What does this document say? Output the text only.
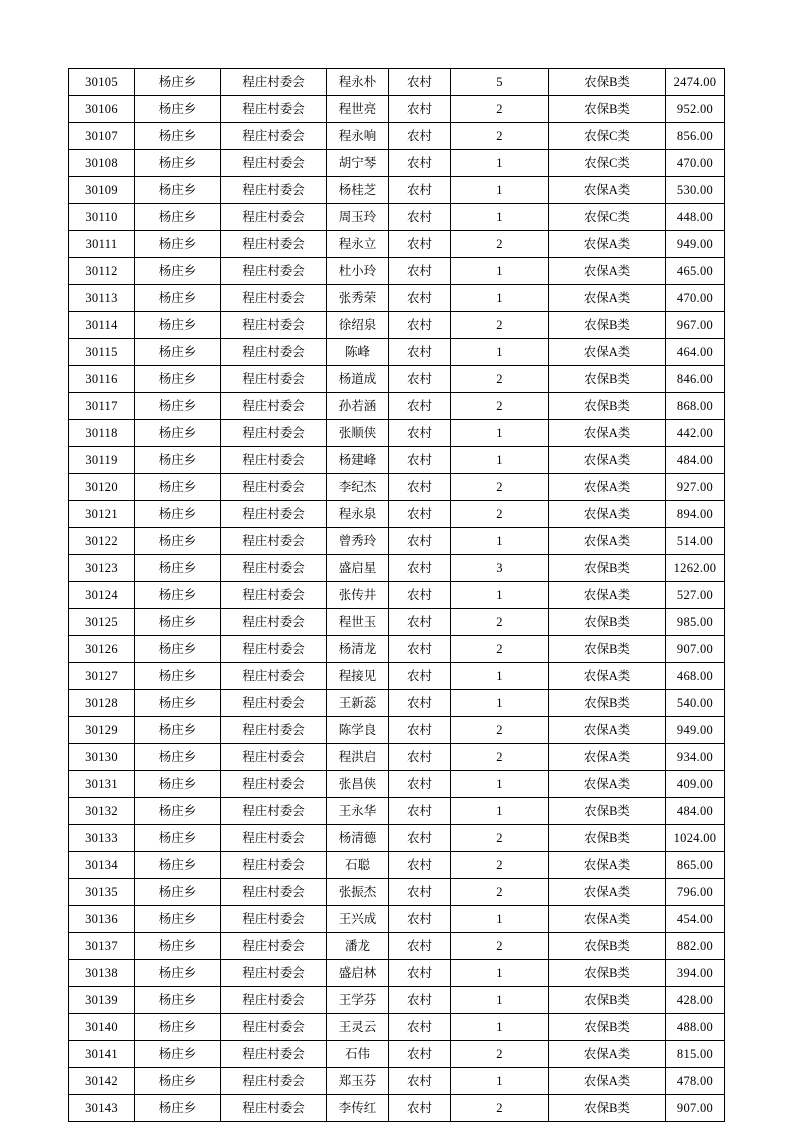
30105	杨庄乡	程庄村委会	程永朴	农村	5	农保B类	2474.00
30106	杨庄乡	程庄村委会	程世亮	农村	2	农保B类	952.00
30107	杨庄乡	程庄村委会	程永响	农村	2	农保C类	856.00
30108	杨庄乡	程庄村委会	胡宁琴	农村	1	农保C类	470.00
30109	杨庄乡	程庄村委会	杨桂芝	农村	1	农保A类	530.00
30110	杨庄乡	程庄村委会	周玉玲	农村	1	农保C类	448.00
30111	杨庄乡	程庄村委会	程永立	农村	2	农保A类	949.00
30112	杨庄乡	程庄村委会	杜小玲	农村	1	农保A类	465.00
30113	杨庄乡	程庄村委会	张秀荣	农村	1	农保A类	470.00
30114	杨庄乡	程庄村委会	徐绍泉	农村	2	农保B类	967.00
30115	杨庄乡	程庄村委会	陈峰	农村	1	农保A类	464.00
30116	杨庄乡	程庄村委会	杨道成	农村	2	农保B类	846.00
30117	杨庄乡	程庄村委会	孙若涵	农村	2	农保B类	868.00
30118	杨庄乡	程庄村委会	张顺侠	农村	1	农保A类	442.00
30119	杨庄乡	程庄村委会	杨建峰	农村	1	农保A类	484.00
30120	杨庄乡	程庄村委会	李纪杰	农村	2	农保A类	927.00
30121	杨庄乡	程庄村委会	程永泉	农村	2	农保A类	894.00
30122	杨庄乡	程庄村委会	曾秀玲	农村	1	农保A类	514.00
30123	杨庄乡	程庄村委会	盛启星	农村	3	农保B类	1262.00
30124	杨庄乡	程庄村委会	张传井	农村	1	农保A类	527.00
30125	杨庄乡	程庄村委会	程世玉	农村	2	农保B类	985.00
30126	杨庄乡	程庄村委会	杨清龙	农村	2	农保B类	907.00
30127	杨庄乡	程庄村委会	程接见	农村	1	农保A类	468.00
30128	杨庄乡	程庄村委会	王新蕊	农村	1	农保B类	540.00
30129	杨庄乡	程庄村委会	陈学良	农村	2	农保A类	949.00
30130	杨庄乡	程庄村委会	程洪启	农村	2	农保A类	934.00
30131	杨庄乡	程庄村委会	张昌侠	农村	1	农保A类	409.00
30132	杨庄乡	程庄村委会	王永华	农村	1	农保B类	484.00
30133	杨庄乡	程庄村委会	杨清德	农村	2	农保B类	1024.00
30134	杨庄乡	程庄村委会	石聪	农村	2	农保A类	865.00
30135	杨庄乡	程庄村委会	张振杰	农村	2	农保A类	796.00
30136	杨庄乡	程庄村委会	王兴成	农村	1	农保A类	454.00
30137	杨庄乡	程庄村委会	潘龙	农村	2	农保B类	882.00
30138	杨庄乡	程庄村委会	盛启林	农村	1	农保B类	394.00
30139	杨庄乡	程庄村委会	王学芬	农村	1	农保B类	428.00
30140	杨庄乡	程庄村委会	王灵云	农村	1	农保B类	488.00
30141	杨庄乡	程庄村委会	石伟	农村	2	农保A类	815.00
30142	杨庄乡	程庄村委会	郑玉芬	农村	1	农保A类	478.00
30143	杨庄乡	程庄村委会	李传红	农村	2	农保B类	907.00
